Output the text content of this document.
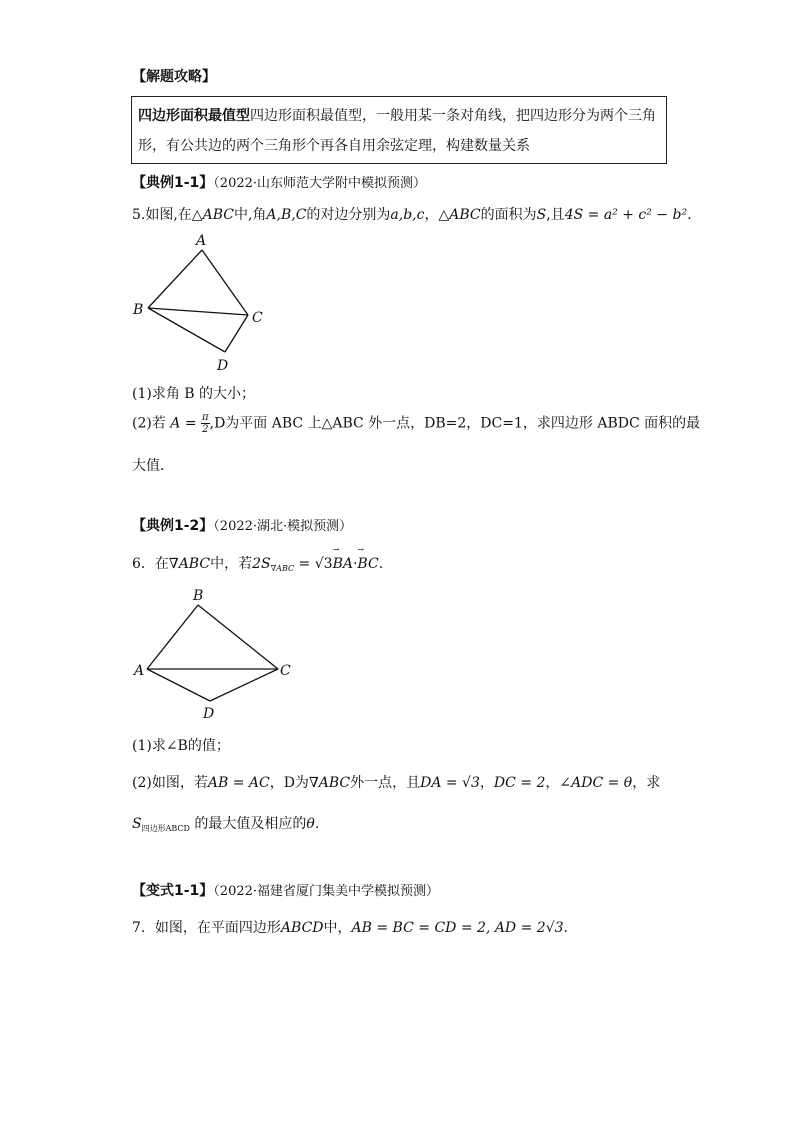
【解题攻略】
四边形面积最值型四边形面积最值型，一般用某一条对角线，把四边形分为两个三角形，有公共边的两个三角形个再各自用余弦定理，构建数量关系
【典例1-1】（2022·山东师范大学附中模拟预测）
5.如图,在△ABC中,角A,B,C的对边分别为a,b,c，△ABC的面积为S,且4S = a² + c² − b².
A
B	C
D
(1)求角 B 的大小；
(2)若 $A = \frac{\pi}{2} ,D$为平面 ABC 上△ABC 外一点，DB=2，DC=1，求四边形 ABDC 面积的最
大值．
【典例1-2】（2022·湖北·模拟预测）
6．在∇ABC中，若$2S_{\nabla ABC} = √3\to BA\cdot\to$ BC.
B
A	C
D
(1)求∠B的值；
(2)如图，若AB = AC，D为∇ABC外一点，且DA = √3，DC = 2，∠ADC = θ，求
$S_{四边形ABCD}$ 的最大值及相应的θ.
【变式1-1】（2022·福建省厦门集美中学模拟预测）
7．如图，在平面四边形ABCD中，AB = BC = CD = 2, AD = 2√3.
